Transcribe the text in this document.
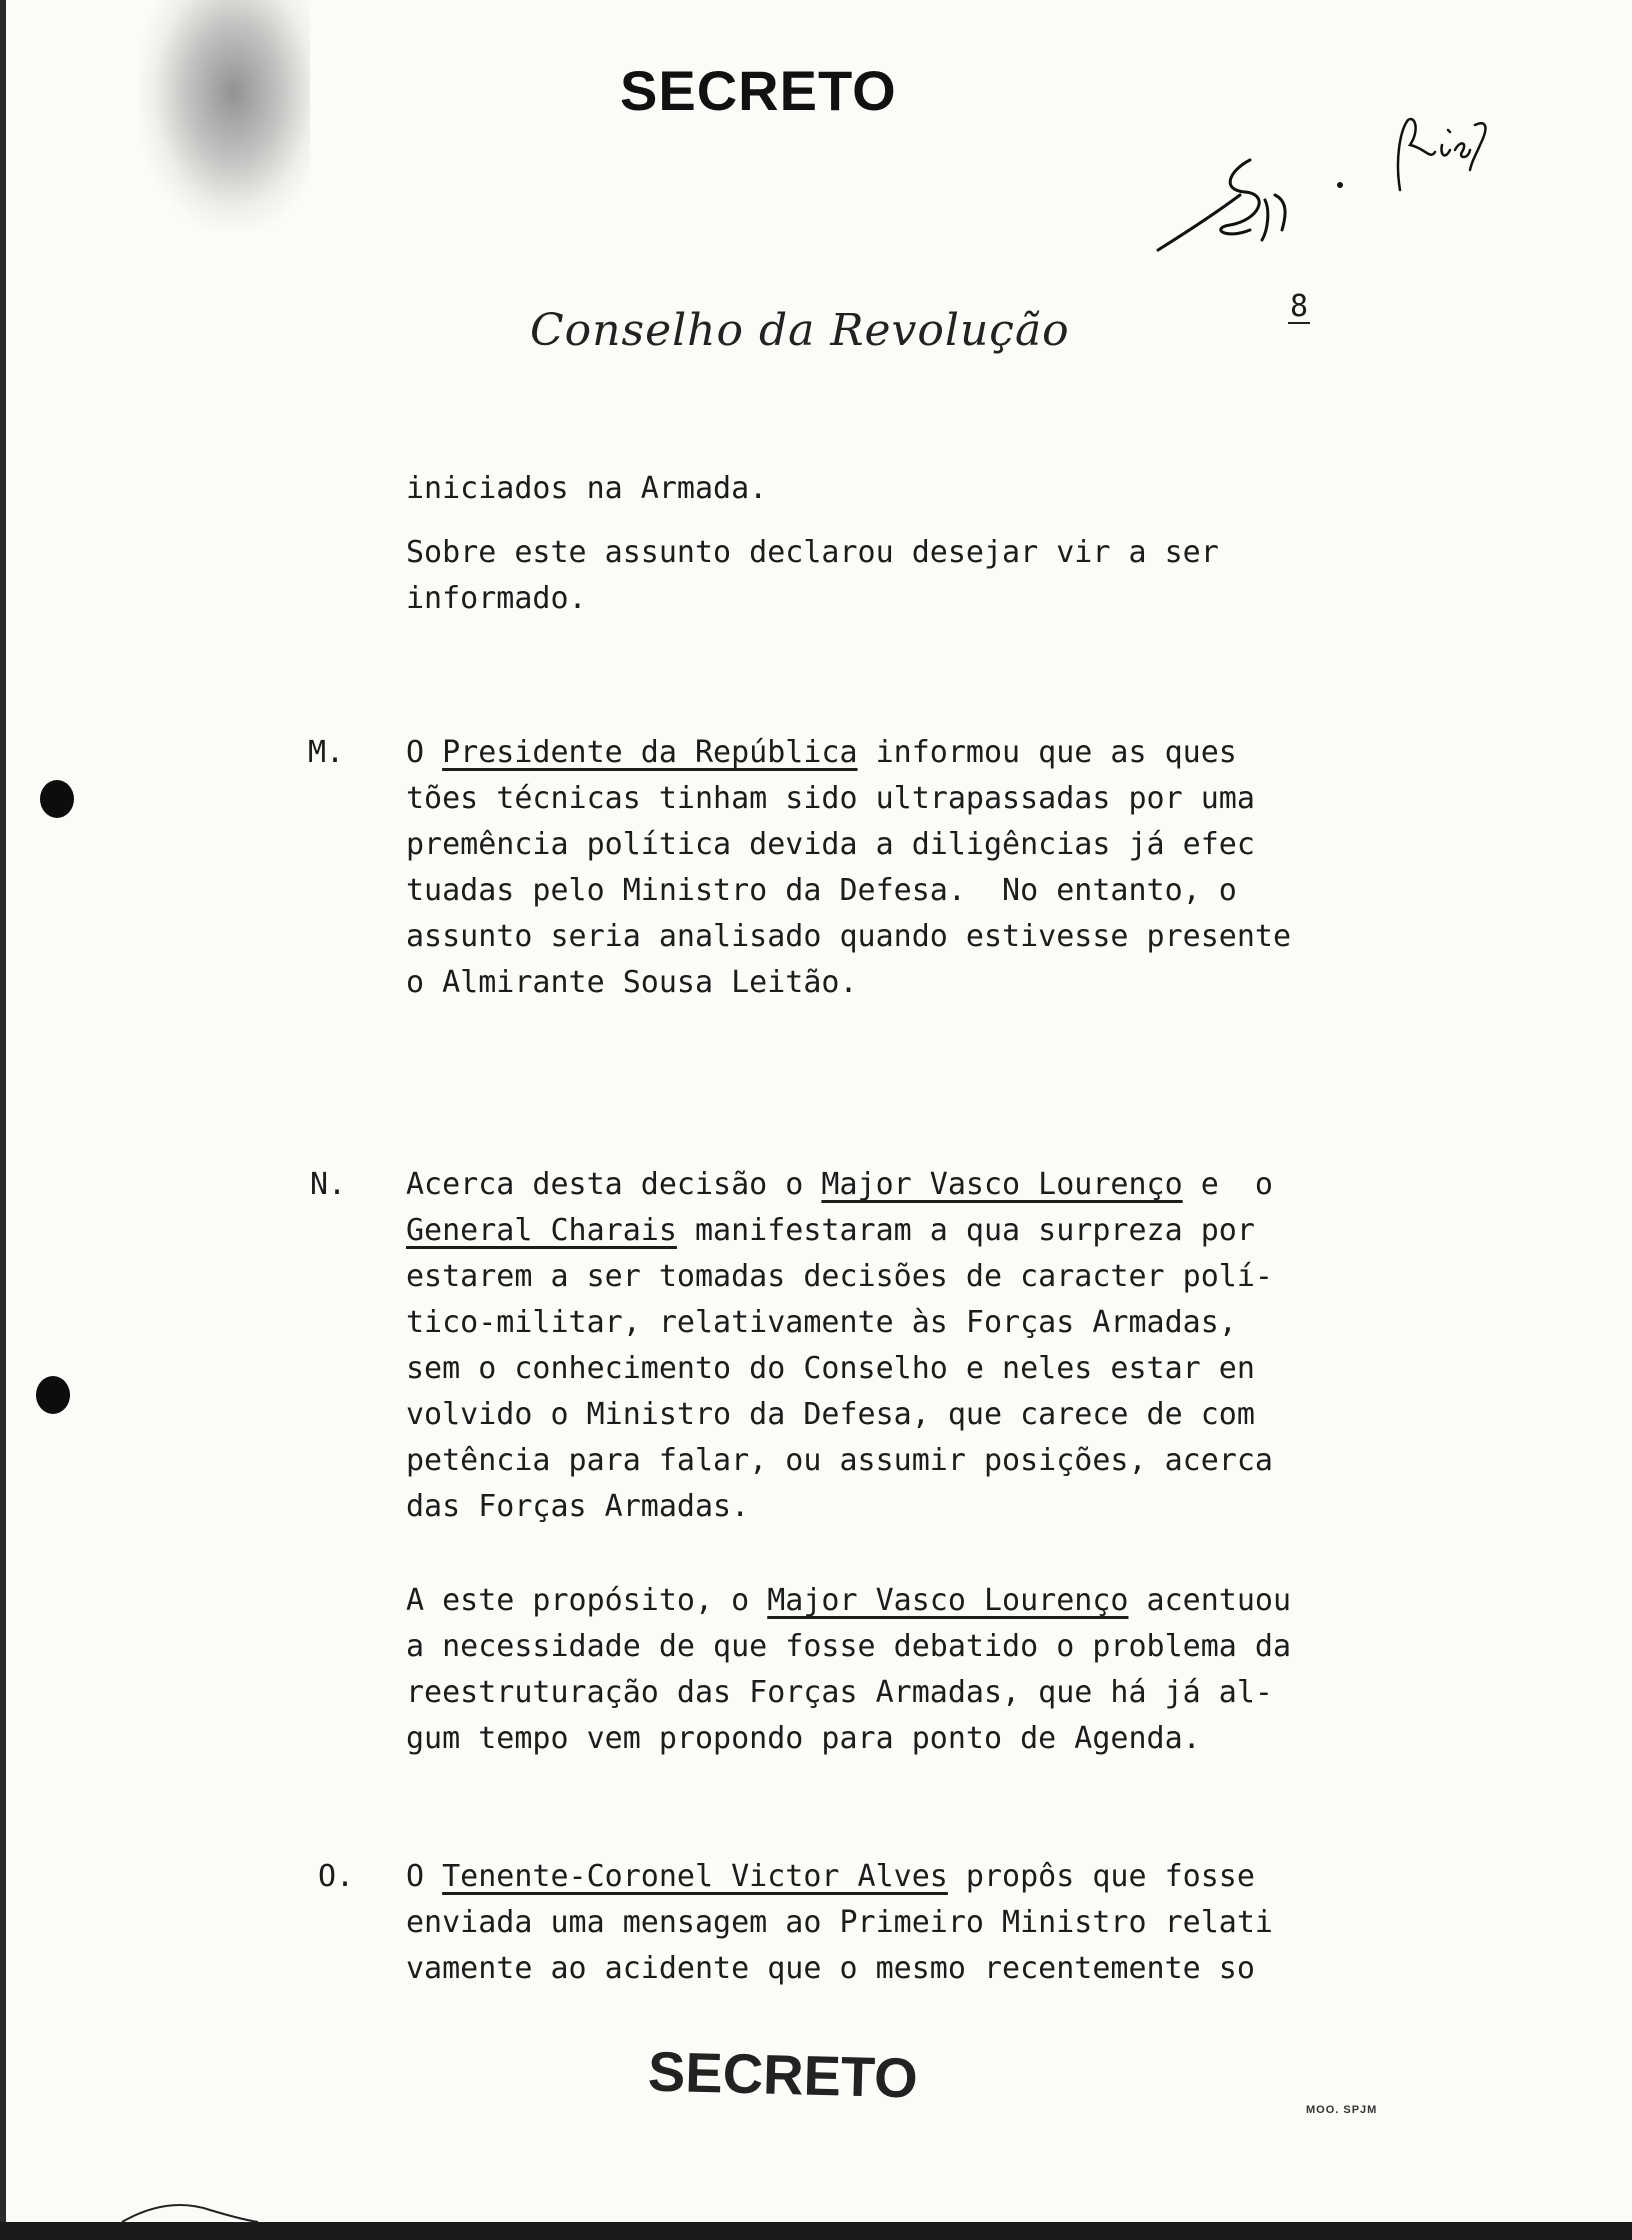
SECRETO
8
Conselho da Revolução
iniciados na Armada.
Sobre este assunto declarou desejar vir a ser
informado.
M. O Presidente da República informou que as ques
tões técnicas tinham sido ultrapassadas por uma
premência política devida a diligências já efec
tuadas pelo Ministro da Defesa.  No entanto, o
assunto seria analisado quando estivesse presente
o Almirante Sousa Leitão.
N. Acerca desta decisão o Major Vasco Lourenço e  o
General Charais manifestaram a qua surpreza por
estarem a ser tomadas decisões de caracter polí-
tico-militar, relativamente às Forças Armadas,
sem o conhecimento do Conselho e neles estar en
volvido o Ministro da Defesa, que carece de com
petência para falar, ou assumir posições, acerca
das Forças Armadas.
A este propósito, o Major Vasco Lourenço acentuou
a necessidade de que fosse debatido o problema da
reestruturação das Forças Armadas, que há já al-
gum tempo vem propondo para ponto de Agenda.
O. O Tenente-Coronel Victor Alves propôs que fosse
enviada uma mensagem ao Primeiro Ministro relati
vamente ao acidente que o mesmo recentemente so
SECRETO
MOO. SPJM
